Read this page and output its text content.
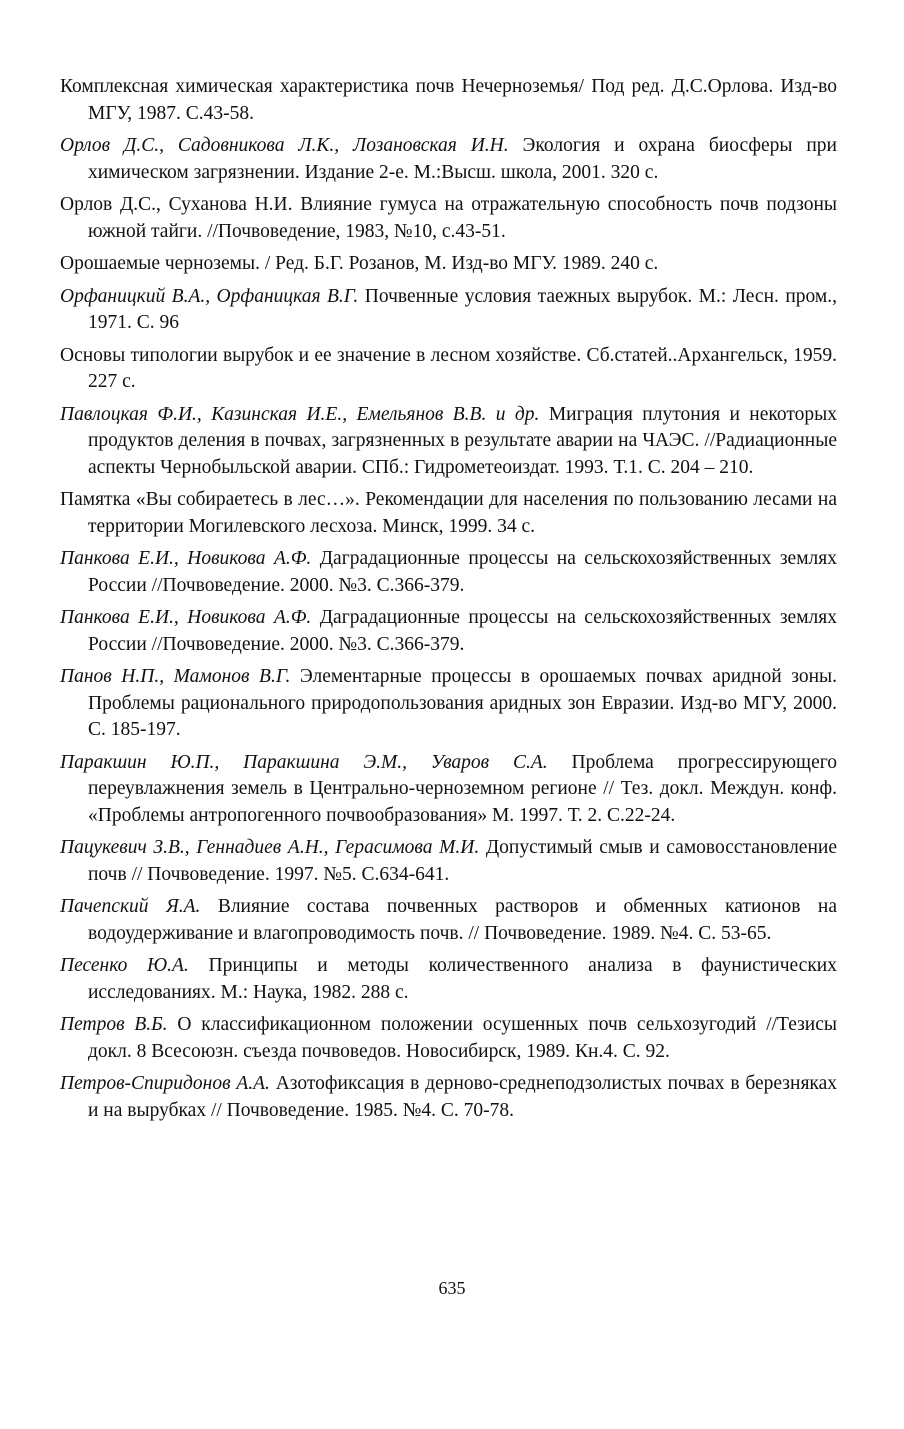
Комплексная химическая характеристика почв Нечерноземья/ Под ред. Д.С.Орлова. Изд-во МГУ, 1987. С.43-58.

Орлов Д.С., Садовникова Л.К., Лозановская И.Н. Экология и охрана биосферы при химическом загрязнении. Издание 2-е. М.:Высш. школа, 2001. 320 с.

Орлов Д.С., Суханова Н.И. Влияние гумуса на отражательную способность почв подзоны южной тайги. //Почвоведение, 1983, №10, с.43-51.

Орошаемые черноземы. / Ред. Б.Г. Розанов, М. Изд-во МГУ. 1989. 240 с.

Орфаницкий В.А., Орфаницкая В.Г. Почвенные условия таежных вырубок. М.: Лесн. пром., 1971. С. 96

Основы типологии вырубок и ее значение в лесном хозяйстве. Сб.статей..Архангельск, 1959. 227 с.

Павлоцкая Ф.И., Казинская И.Е., Емельянов В.В. и др. Миграция плутония и некоторых продуктов деления в почвах, загрязненных в результате аварии на ЧАЭС. //Радиационные аспекты Чернобыльской аварии. СПб.: Гидрометеоиздат. 1993. Т.1. С. 204 – 210.

Памятка «Вы собираетесь в лес…». Рекомендации для населения по пользованию лесами на территории Могилевского лесхоза. Минск, 1999. 34 с.

Панкова Е.И., Новикова А.Ф. Даградационные процессы на сельскохозяйственных землях России //Почвоведение. 2000. №3. С.366-379.

Панкова Е.И., Новикова А.Ф. Даградационные процессы на сельскохозяйственных землях России //Почвоведение. 2000. №3. С.366-379.

Панов Н.П., Мамонов В.Г. Элементарные процессы в орошаемых почвах аридной зоны. Проблемы рационального природопользования аридных зон Евразии. Изд-во МГУ, 2000. С. 185-197.

Паракшин Ю.П., Паракшина Э.М., Уваров С.А. Проблема прогрессирующего переувлажнения земель в Центрально-черноземном регионе // Тез. докл. Междун. конф. «Проблемы антропогенного почвообразования» М. 1997. Т. 2. С.22-24.

Пацукевич З.В., Геннадиев А.Н., Герасимова М.И. Допустимый смыв и самовосстановление почв // Почвоведение. 1997. №5. С.634-641.

Пачепский Я.А. Влияние состава почвенных растворов и обменных катионов на водоудерживание и влагопроводимость почв. // Почвоведение. 1989. №4. С. 53-65.

Песенко Ю.А. Принципы и методы количественного анализа в фаунистических исследованиях. М.: Наука, 1982. 288 с.

Петров В.Б. О классификационном положении осушенных почв сельхозугодий //Тезисы докл. 8 Всесоюзн. съезда почвоведов. Новосибирск, 1989. Кн.4. С. 92.

Петров-Спиридонов А.А. Азотофиксация в дерново-среднеподзолистых почвах в березняках и на вырубках // Почвоведение. 1985. №4. С. 70-78.

635
